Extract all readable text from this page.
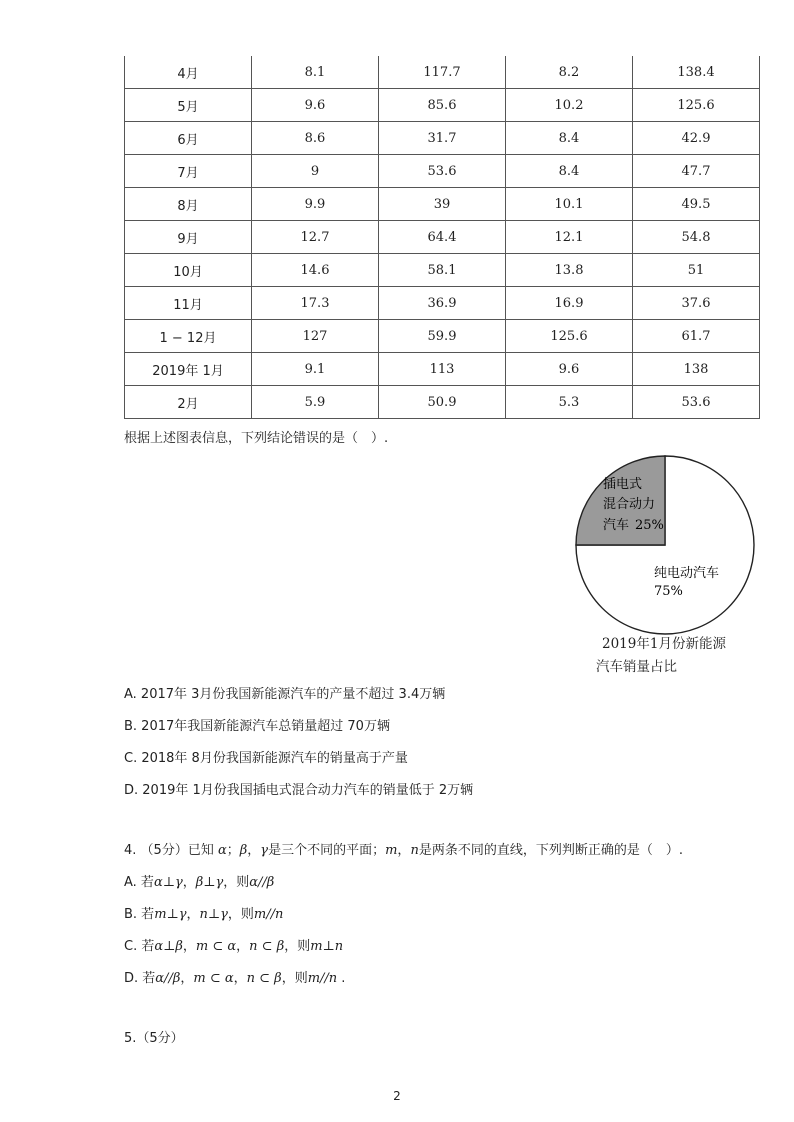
4月	8.1	117.7	8.2	138.4
5月	9.6	85.6	10.2	125.6
6月	8.6	31.7	8.4	42.9
7月	9	53.6	8.4	47.7
8月	9.9	39	10.1	49.5
9月	12.7	64.4	12.1	54.8
10月	14.6	58.1	13.8	51
11月	17.3	36.9	16.9	37.6
1 − 12月	127	59.9	125.6	61.7
2019年 1月	9.1	113	9.6	138
2月	5.9	50.9	5.3	53.6
根据上述图表信息，下列结论错误的是（　）.
插电式
混合动力
汽车 25%
纯电动汽车
75%
2019年1月份新能源
汽车销量占比
A. 2017年 3月份我国新能源汽车的产量不超过 3.4万辆
B. 2017年我国新能源汽车总销量超过 70万辆
C. 2018年 8月份我国新能源汽车的销量高于产量
D. 2019年 1月份我国插电式混合动力汽车的销量低于 2万辆
4. （5分）已知 α；β，γ是三个不同的平面；m，n是两条不同的直线，下列判断正确的是（　）.
A. 若α⊥γ，β⊥γ，则α//β
B. 若m⊥γ，n⊥γ，则m//n
C. 若α⊥β，m ⊂ α，n ⊂ β，则m⊥n
D. 若α//β，m ⊂ α，n ⊂ β，则m//n .
5.（5分）
2
